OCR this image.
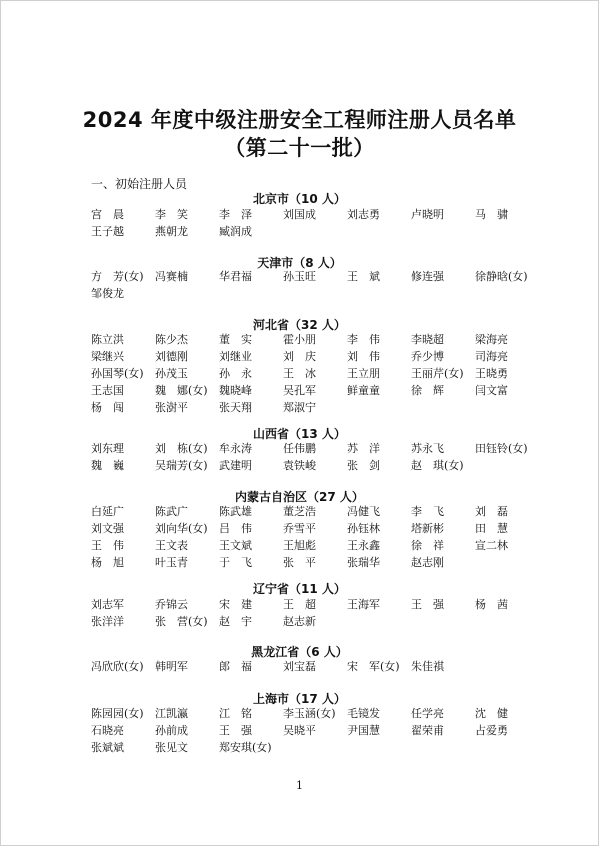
2024 年度中级注册安全工程师注册人员名单
（第二十一批）
一、初始注册人员
北京市（10 人）
宫　晨	李　笑	李　泽	刘国成	刘志勇	卢晓明	马　骕
王子越	燕朝龙	臧润成
天津市（8 人）
方　芳(女)	冯赛楠	华君福	孙玉旺	王　斌	修连强	徐静晗(女)
邹俊龙
河北省（32 人）
陈立洪	陈少杰	董　实	霍小朋	李　伟	李晓超	梁海亮
梁继兴	刘德刚	刘继业	刘　庆	刘　伟	乔少博	司海亮
孙国琴(女)	孙茂玉	孙　永	王　冰	王立朋	王丽芹(女)	王晓勇
王志国	魏　娜(女)	魏晓峰	吴孔军	鲜童童	徐　辉	闫文富
杨　闯	张澍平	张天翔	郑淑宁
山西省（13 人）
刘东理	刘　栋(女)	牟永涛	任伟鹏	苏　洋	苏永飞	田钰铃(女)
魏　巍	吴瑞芳(女)	武建明	袁铁峻	张　剑	赵　琪(女)
内蒙古自治区（27 人）
白延广	陈武广	陈武雄	董芝浩	冯健飞	李　飞	刘　磊
刘文强	刘向华(女)	吕　伟	乔雪平	孙钰林	塔新彬	田　慧
王　伟	王文表	王文斌	王旭彪	王永鑫	徐　祥	宣二林
杨　旭	叶玉青	于　飞	张　平	张瑞华	赵志刚
辽宁省（11 人）
刘志军	乔锦云	宋　建	王　超	王海军	王　强	杨　茜
张洋洋	张　营(女)	赵　宇	赵志新
黑龙江省（6 人）
冯欣欣(女)	韩明军	郎　福	刘宝磊	宋　军(女)	朱佳祺
上海市（17 人）
陈园园(女)	江凯瀛	江　铭	李玉涵(女)	毛镜发	任学亮	沈　健
石晓亮	孙前成	王　强	吴晓平	尹国慧	翟荣甫	占爱勇
张斌斌	张见文	郑安琪(女)
1
